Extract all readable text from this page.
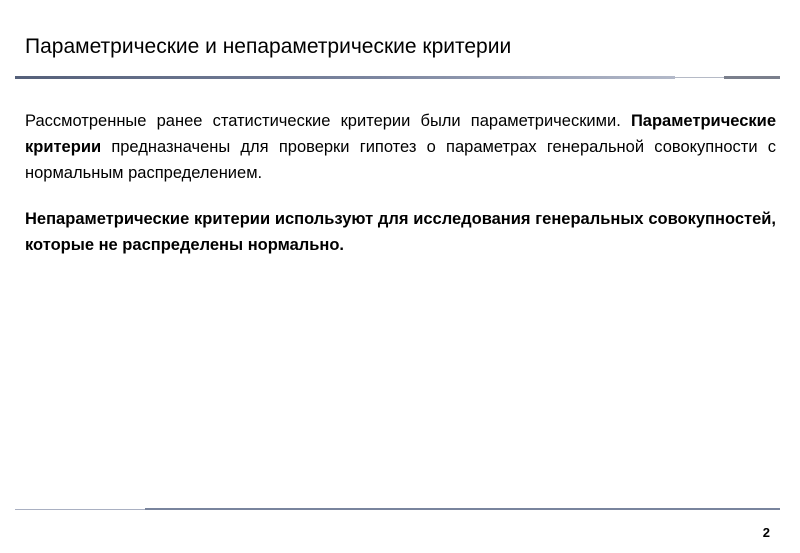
Параметрические и непараметрические критерии

Рассмотренные ранее статистические критерии были параметрическими. Параметрические критерии предназначены для проверки гипотез о параметрах генеральной совокупности с нормальным распределением.

Непараметрические критерии используют для исследования генеральных совокупностей, которые не распределены нормально.

2
